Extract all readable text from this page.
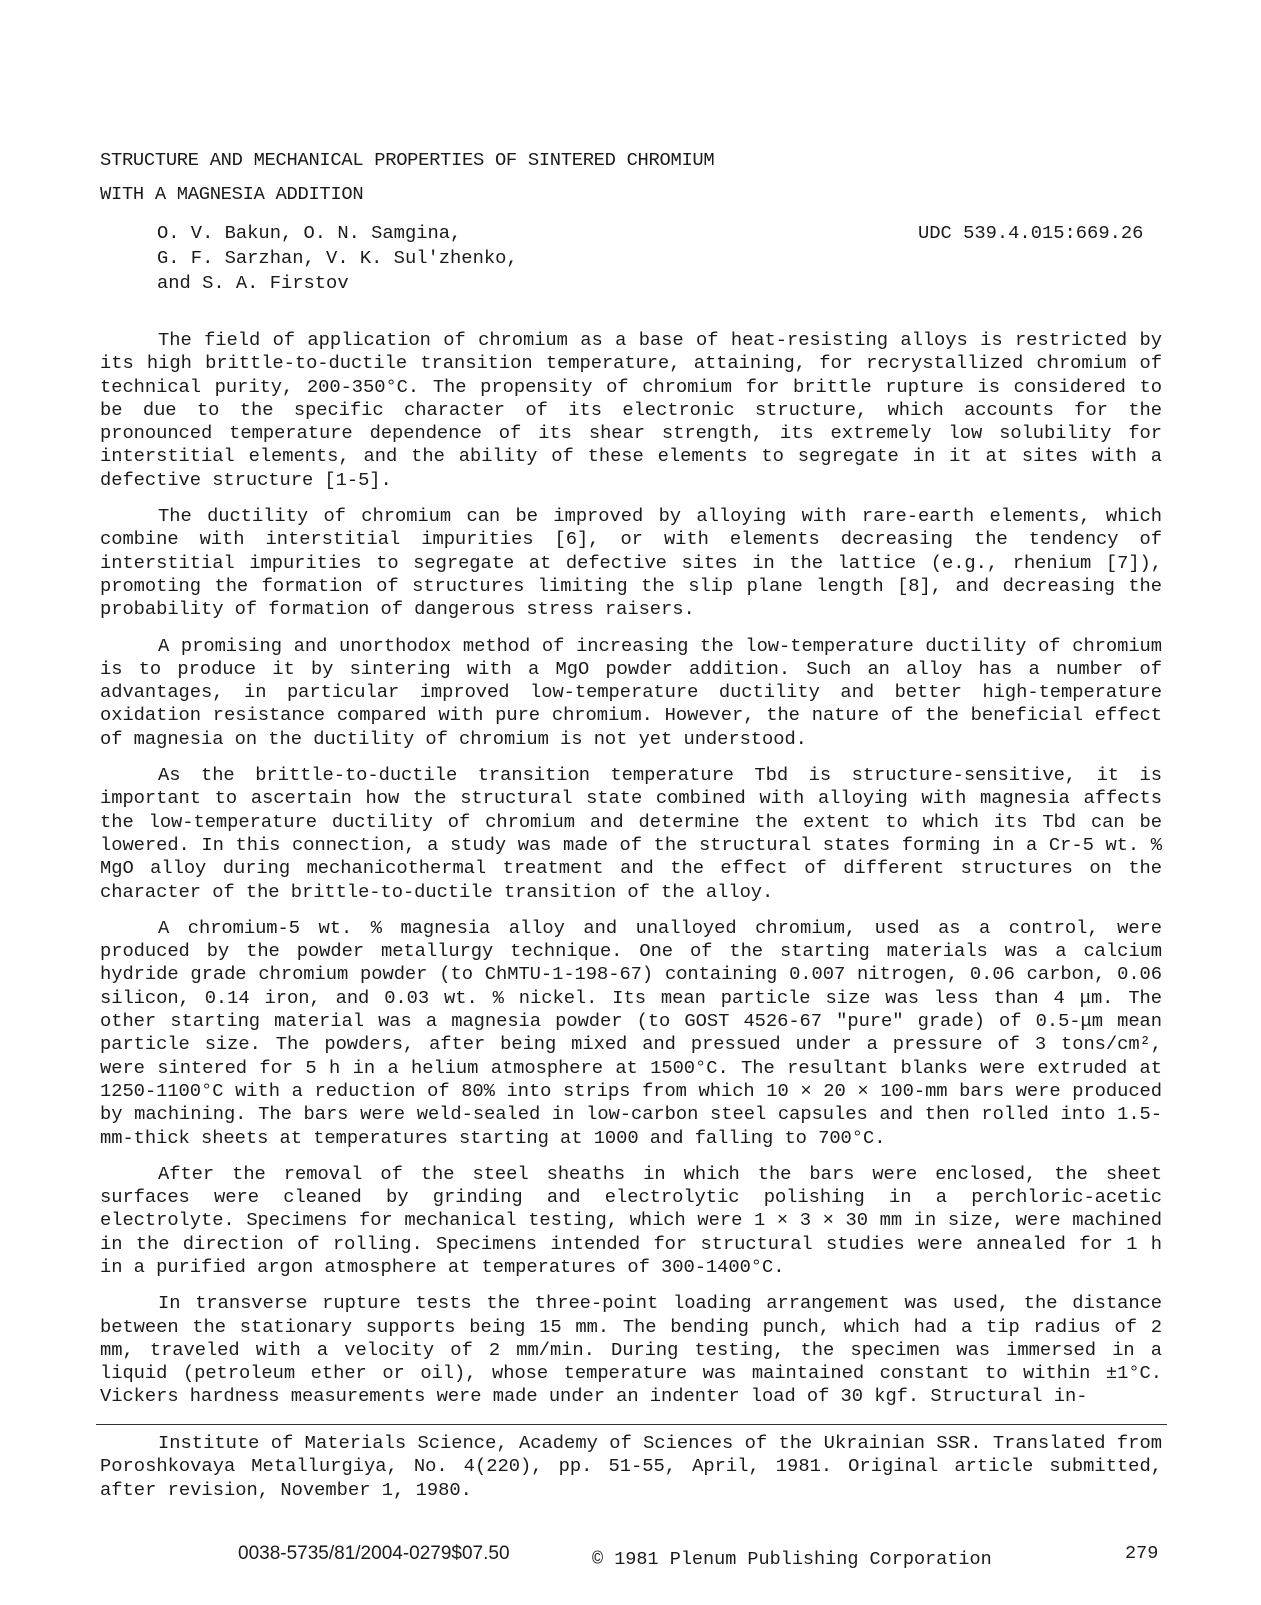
STRUCTURE AND MECHANICAL PROPERTIES OF SINTERED CHROMIUM
WITH A MAGNESIA ADDITION
O. V. Bakun, O. N. Samgina,
G. F. Sarzhan, V. K. Sul'zhenko,
and S. A. Firstov
UDC 539.4.015:669.26

The field of application of chromium as a base of heat-resisting alloys is restricted by its high brittle-to-ductile transition temperature, attaining, for recrystallized chromium of technical purity, 200-350°C. The propensity of chromium for brittle rupture is considered to be due to the specific character of its electronic structure, which accounts for the pronounced temperature dependence of its shear strength, its extremely low solubility for interstitial elements, and the ability of these elements to segregate in it at sites with a defective structure [1-5].

The ductility of chromium can be improved by alloying with rare-earth elements, which combine with interstitial impurities [6], or with elements decreasing the tendency of interstitial impurities to segregate at defective sites in the lattice (e.g., rhenium [7]), promoting the formation of structures limiting the slip plane length [8], and decreasing the probability of formation of dangerous stress raisers.

A promising and unorthodox method of increasing the low-temperature ductility of chromium is to produce it by sintering with a MgO powder addition. Such an alloy has a number of advantages, in particular improved low-temperature ductility and better high-temperature oxidation resistance compared with pure chromium. However, the nature of the beneficial effect of magnesia on the ductility of chromium is not yet understood.

As the brittle-to-ductile transition temperature Tbd is structure-sensitive, it is important to ascertain how the structural state combined with alloying with magnesia affects the low-temperature ductility of chromium and determine the extent to which its Tbd can be lowered. In this connection, a study was made of the structural states forming in a Cr-5 wt. % MgO alloy during mechanicothermal treatment and the effect of different structures on the character of the brittle-to-ductile transition of the alloy.

A chromium-5 wt. % magnesia alloy and unalloyed chromium, used as a control, were produced by the powder metallurgy technique. One of the starting materials was a calcium hydride grade chromium powder (to ChMTU-1-198-67) containing 0.007 nitrogen, 0.06 carbon, 0.06 silicon, 0.14 iron, and 0.03 wt. % nickel. Its mean particle size was less than 4 μm. The other starting material was a magnesia powder (to GOST 4526-67 "pure" grade) of 0.5-μm mean particle size. The powders, after being mixed and pressued under a pressure of 3 tons/cm², were sintered for 5 h in a helium atmosphere at 1500°C. The resultant blanks were extruded at 1250-1100°C with a reduction of 80% into strips from which 10 × 20 × 100-mm bars were produced by machining. The bars were weld-sealed in low-carbon steel capsules and then rolled into 1.5-mm-thick sheets at temperatures starting at 1000 and falling to 700°C.

After the removal of the steel sheaths in which the bars were enclosed, the sheet surfaces were cleaned by grinding and electrolytic polishing in a perchloric-acetic electrolyte. Specimens for mechanical testing, which were 1 × 3 × 30 mm in size, were machined in the direction of rolling. Specimens intended for structural studies were annealed for 1 h in a purified argon atmosphere at temperatures of 300-1400°C.

In transverse rupture tests the three-point loading arrangement was used, the distance between the stationary supports being 15 mm. The bending punch, which had a tip radius of 2 mm, traveled with a velocity of 2 mm/min. During testing, the specimen was immersed in a liquid (petroleum ether or oil), whose temperature was maintained constant to within ±1°C. Vickers hardness measurements were made under an indenter load of 30 kgf. Structural in-

Institute of Materials Science, Academy of Sciences of the Ukrainian SSR. Translated from Poroshkovaya Metallurgiya, No. 4(220), pp. 51-55, April, 1981. Original article submitted, after revision, November 1, 1980.

0038-5735/81/2004-0279$07.50	© 1981 Plenum Publishing Corporation	279
